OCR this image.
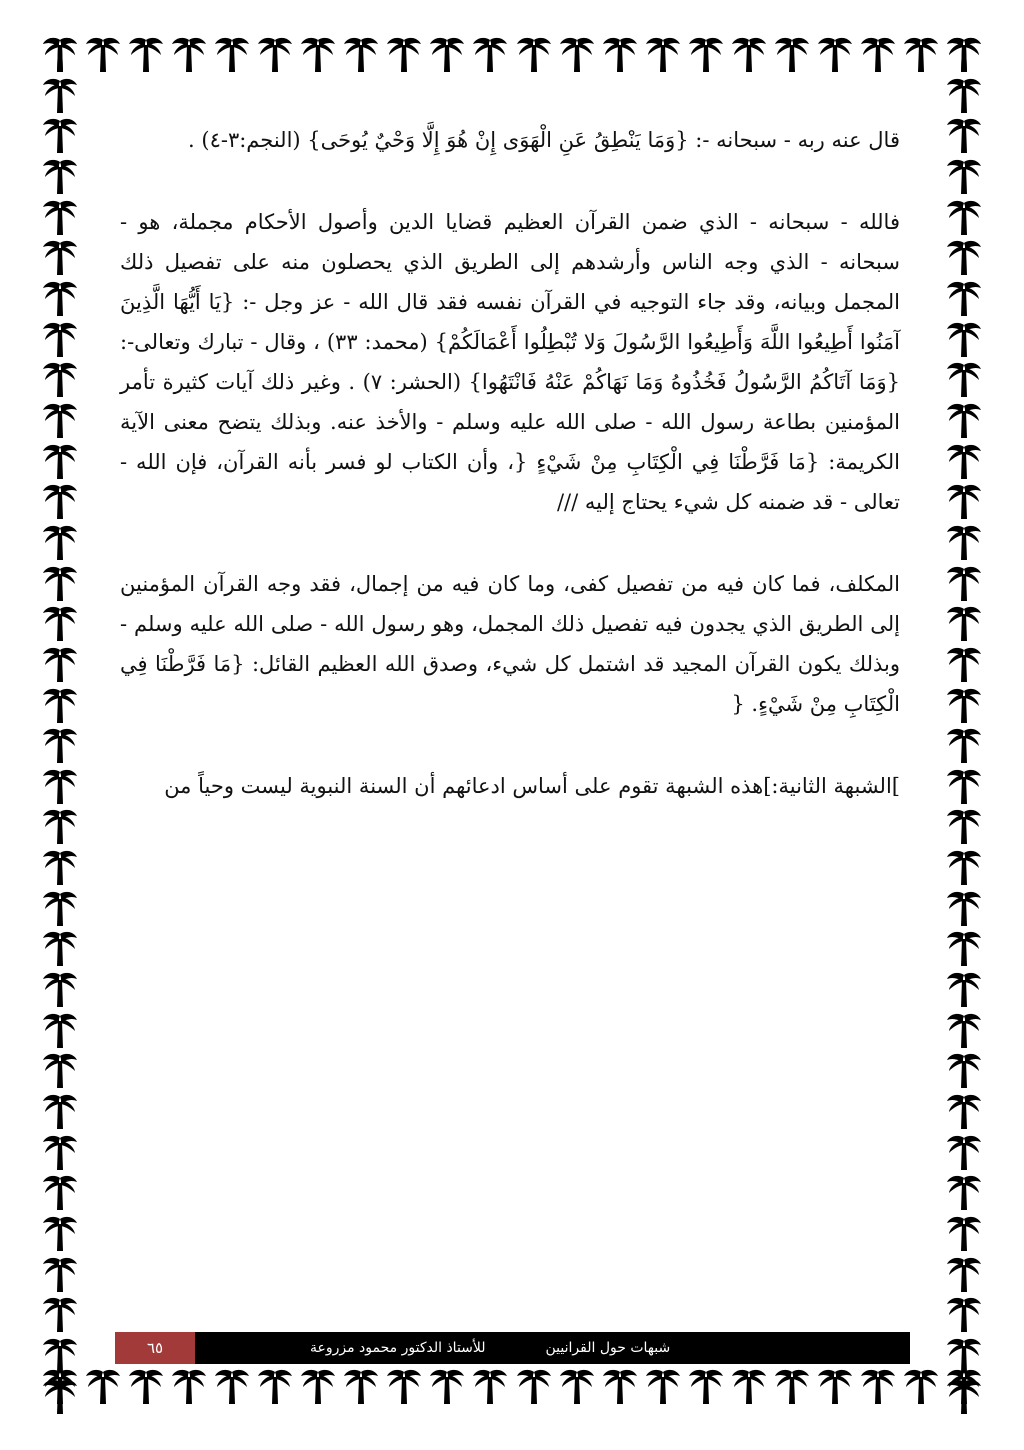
قال عنه ربه - سبحانه -: {وَمَا يَنْطِقُ عَنِ الْهَوَى إِنْ هُوَ إِلَّا وَحْيٌ يُوحَى} (النجم:٣-٤) .

فالله - سبحانه - الذي ضمن القرآن العظيم قضايا الدين وأصول الأحكام مجملة، هو - سبحانه - الذي وجه الناس وأرشدهم إلى الطريق الذي يحصلون منه على تفصيل ذلك المجمل وبيانه، وقد جاء التوجيه في القرآن نفسه فقد قال الله - عز وجل -: {يَا أَيُّهَا الَّذِينَ آمَنُوا أَطِيعُوا اللَّهَ وَأَطِيعُوا الرَّسُولَ وَلا تُبْطِلُوا أَعْمَالَكُمْ} (محمد: ٣٣) ، وقال - تبارك وتعالى-: {وَمَا آتَاكُمُ الرَّسُولُ فَخُذُوهُ وَمَا نَهَاكُمْ عَنْهُ فَانْتَهُوا} (الحشر: ٧) . وغير ذلك آيات كثيرة تأمر المؤمنين بطاعة رسول الله - صلى الله عليه وسلم - والأخذ عنه. وبذلك يتضح معنى الآية الكريمة: {مَا فَرَّطْنَا فِي الْكِتَابِ مِنْ شَيْءٍ {، وأن الكتاب لو فسر بأنه القرآن، فإن الله - تعالى - قد ضمنه كل شيء يحتاج إليه ///

المكلف، فما كان فيه من تفصيل كفى، وما كان فيه من إجمال، فقد وجه القرآن المؤمنين إلى الطريق الذي يجدون فيه تفصيل ذلك المجمل، وهو رسول الله - صلى الله عليه وسلم - وبذلك يكون القرآن المجيد قد اشتمل كل شيء، وصدق الله العظيم القائل: {مَا فَرَّطْنَا فِي الْكِتَابِ مِنْ شَيْءٍ. {

]الشبهة الثانية:]هذه الشبهة تقوم على أساس ادعائهم أن السنة النبوية ليست وحياً من

٦٥	للأستاذ الدكتور محمود مزروعة	شبهات حول القرانيين
